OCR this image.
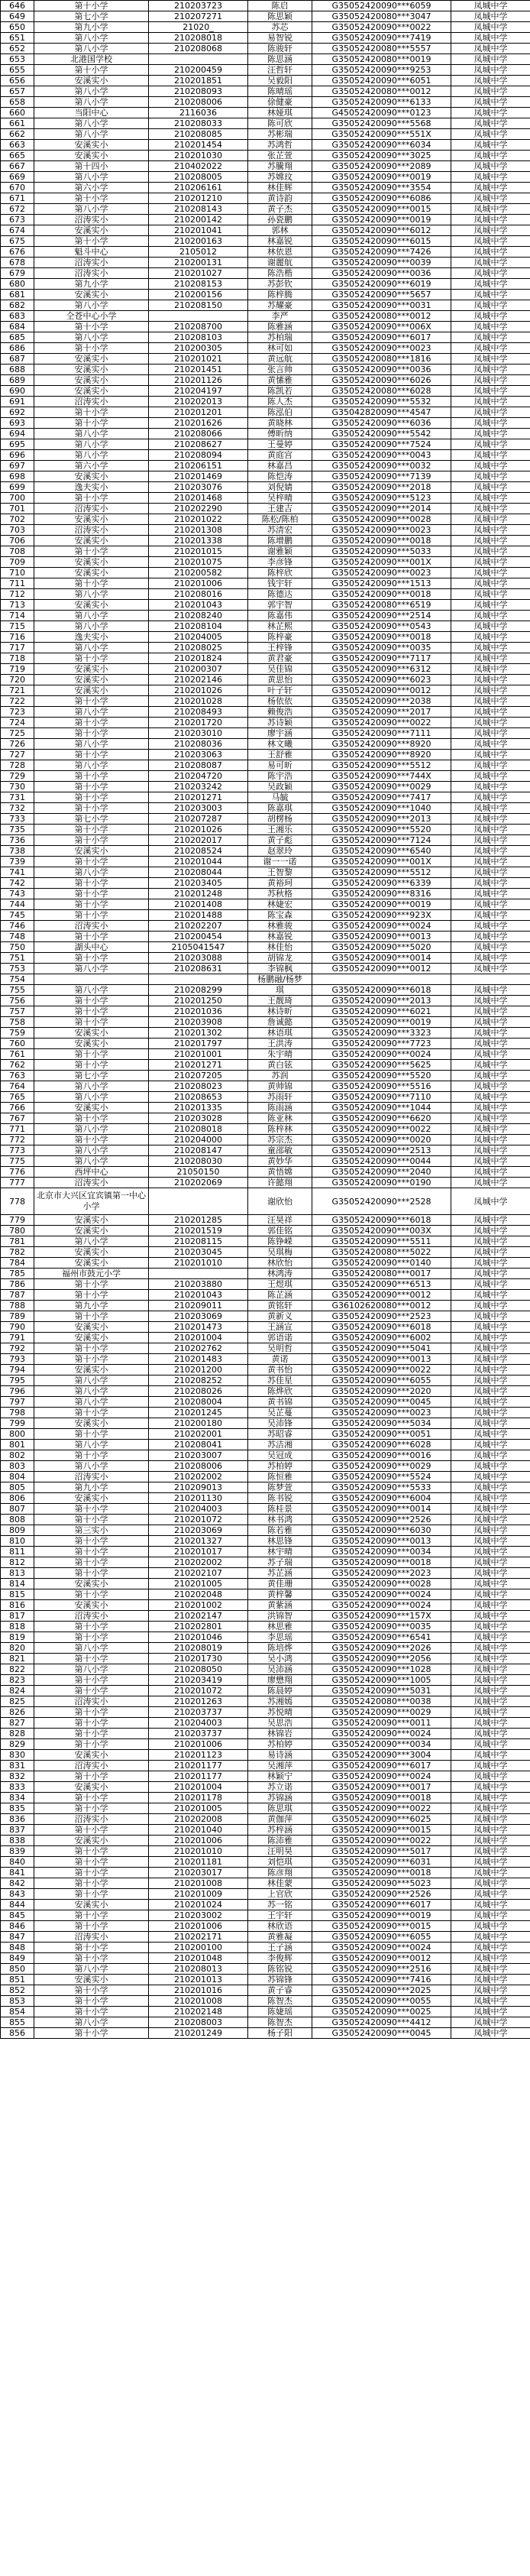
646	第十小学	210203723	陈启	G35052420090***6059	凤城中学
649	第七小学	210207271	陈思颖	G35052420080***3047	凤城中学
650	第九小学	21020_	苏芯	G35052420090***0022	凤城中学
651	第八小学	210208018	易智锐	G35052420090***7419	凤城中学
652	第八小学	210208068	陈骏轩	G35052420080***5557	凤城中学
653	北港国学校		陈思涵	G35052420080***0019	凤城中学
655	第十小学	210200459	汪哲轩	G35052420090***9253	凤城中学
656	安溪实小	210201851	吴毅阳	G35052420090***6051	凤城中学
657	第八小学	210208093	陈晴瑶	G35052420080***0012	凤城中学
658	第八小学	210208006	俆健豪	G35052420090***6133	凤城中学
660	当阳中心	2116036	林娅琪	G45052420090***0123	凤城中学
661	第八小学	210208033	陈可欣	G35052420090***5568	凤城中学
662	第八小学	210208085	苏彬瑞	G35052420090***551X	凤城中学
663	安溪实小	210201454	苏鸿哲	G35052420090***6034	凤城中学
665	安溪实小	210201030	张芷萱	G35052420090***3025	凤城中学
667	第十四小	210402022	苏騰翔	G35052420090***2089	凤城中学
669	第八小学	210208005	苏嫦玟	G35052420090***0019	凤城中学
670	第六小学	210206161	林佳辉	G35052420090***3554	凤城中学
671	第十小学	210201210	黄诗韵	G35052420090***6086	凤城中学
672	第八小学	210208143	黄子杰	G35052420090***0015	凤城中学
673	沼涛实小	210200142	孙瓷鹏	G35052420090***0019	凤城中学
674	安溪实小	210201041	郭林	G35052420090***6012	凤城中学
675	第十小学	210200163	林嘉锐	G35052420090***6015	凤城中学
676	魁斗中心	2105012	林依恩	G35052420090***7426	凤城中学
678	沼涛实小	210200131	谢麗航	G35052420090***0039	凤城中学
679	沼涛实小	210201027	陈浩楷	G35052420090***0036	凤城中学
680	第九小学	210208153	苏彭钦	G35052420090***6019	凤城中学
681	安溪实小	210200156	陈梓腾	G35052420090***5657	凤城中学
682	第八小学	210208150	苏耀豪	G35052420090***0031	凤城中学
683	仝苍中心小学		李严	G35052420080***0012	凤城中学
684	第十小学	210208700	陈雅涵	G35052420090***006X	凤城中学
685	第八小学	210208103	苏柏瑞	G35052420090***6017	凤城中学
686	第十小学	210200305	林可如	G35052420090***0023	凤城中学
687	安溪实小	210201021	黄远航	G35052420080***1816	凤城中学
688	安溪实小	210201451	张言帅	G35052420090***0036	凤城中学
689	安溪实小	210201126	黄愫雅	G35052420090***6026	凤城中学
690	安溪实小	210204197	陈凯若	G35052420080***6028	凤城中学
691	沼涛实小	210202013	陈人杰	G35052420090***5532	凤城中学
692	第十小学	210201201	陈泓伯	G35042820090***4547	凤城中学
693	第十小学	210201626	黄晓林	G35052420090***6036	凤城中学
694	第八小学	210208066	傅昕纳	G35052420090***5542	凤城中学
695	第八小学	210208627	王曼婷	G35052420090***7524	凤城中学
696	第八小学	210208094	黄庭宫	G35052420090***0043	凤城中学
697	第六小学	210206151	林嘉昌	G35052420090***0032	凤城中学
698	安溪实小	210201469	陈恺涛	G35052420090***7139	凤城中学
699	逸夫实小	210203076	刘倪婧	G35052420090***2018	凤城中学
700	第十小学	210201468	吴梓晴	G35052420090***5123	凤城中学
701	沼涛实小	210202290	王建吉	G35052420090***2014	凤城中学
702	安溪实小	210201022	陈松/陈柏	G35052420090***0028	凤城中学
703	沼涛实小	210201308	苏清宏	G35052420090***0023	凤城中学
706	安溪实小	210201338	陈增鹏	G35052420090***0018	凤城中学
708	第十小学	210201015	谢雅颖	G35052420090***5033	凤城中学
709	安溪实小	210201075	李彦锋	G35052420090***001X	凤城中学
710	安溪实小	210200582	陈梓欣	G35052420090***0023	凤城中学
711	第十小学	210201006	钱宇轩	G35052420090***1513	凤城中学
712	第八小学	210208016	陈德达	G35052420090***0018	凤城中学
713	安溪实小	210201043	郭宇智	G35052420080***6519	凤城中学
714	第八小学	210208240	陈嘉伟	G35052420090***2514	凤城中学
715	第八小学	210208104	林芷熙	G35052420090***0543	凤城中学
716	逸夫实小	210204005	陈梓豪	G35052420090***0018	凤城中学
717	第八小学	210208025	王梓锋	G35052420090***0035	凤城中学
718	第十小学	210201824	黄君豪	G35052420090***7117	凤城中学
719	安溪实小	210200307	吴佳锦	G35052420090***6312	凤城中学
720	安溪实小	210202146	黄思怡	G35052420090***6023	凤城中学
721	安溪实小	210201026	叶子轩	G35052420090***0012	凤城中学
722	第十小学	210201028	杨依依	G35052420090***2038	凤城中学
723	第八小学	210208493	赖俊浩	G35052420090***2017	凤城中学
724	第十小学	210201720	苏诗颖	G35052420090***0022	凤城中学
725	第十小学	210203010	廖宇涵	G35052420090***7111	凤城中学
726	第八小学	210208036	林文曦	G35052420090***8920	凤城中学
727	第十小学	210203063	王舒雅	G35052420090***8920	凤城中学
728	第八小学	210208087	易可昕	G35052420090***5512	凤城中学
729	第十小学	210204720	陈宇浩	G35052420090***744X	凤城中学
730	第十小学	210203242	吴政颖	G35052420090***0029	凤城中学
731	第十小学	210201271	马毓	G35052420090***7417	凤城中学
732	第十小学	210203003	陈嘉琪	G35052420090***1040	凤城中学
733	第七小学	210207287	胡楞杨	G35052420090***2013	凤城中学
735	第十小学	210201026	王湘乐	G35052420090***5520	凤城中学
736	第十小学	210202017	黄子彪	G35052420090***7124	凤城中学
738	安溪实小	210208524	赵翠玲	G35052420090***6540	凤城中学
739	第十小学	210201044	谢一一诺	G35052420090***001X	凤城中学
741	第八小学	210208044	王智黎	G35052420090***5512	凤城中学
742	第十小学	210203405	黄裕珂	G35052420090***6339	凤城中学
743	第十小学	210201248	苏秋格	G35052420090***8316	凤城中学
744	第十小学	210201408	林婕宏	G35052420090***0019	凤城中学
745	第十小学	210201488	陈宝森	G35052420090***923X	凤城中学
746	沼涛实小	210202207	林雅骏	G35052420090***0024	凤城中学
748	第十小学	210200454	林嘉锐	G35052420090***0013	凤城中学
750	湖头中心	2105041547	林佳怡	G35052420090***5020	凤城中学
751	第十小学	210203088	胡锦龙	G35052420090***0014	凤城中学
753	第八小学	210208631	李锦枫	G35052420090***0012	凤城中学
754			杨鹏融/杨梦		
755	第八小学	210208299	琪	G35052420090***6018	凤城中学
756	第十小学	210201250	王靓琦	G35052420090***2013	凤城中学
757	第十小学	210201036	林诗昕	G35052420090***6021	凤城中学
758	第十小学	210203908	詹诚懿	G35052420090***0019	凤城中学
759	安溪实小	210201302	林语琪	G35052420090***3323	凤城中学
760	安溪实小	210201797	王洪涛	G35052420090***7723	凤城中学
761	第十小学	210201001	朱宇晴	G35052420090***0024	凤城中学
762	第十小学	210201271	黄白铉	G35052420090***5625	凤城中学
763	第七小学	210207205	苏润	G35052420090***5520	凤城中学
764	第八小学	210208023	黄帅锦	G35052420090***5516	凤城中学
765	第八小学	210208653	苏雨轩	G35052420090***7110	凤城中学
766	安溪实小	210201335	陈雨涵	G35052420090***1044	凤城中学
767	第十小学	210203028	陈亚林	G35052420090***6620	凤城中学
771	第八小学	210208018	陈梓林	G35052420090***0022	凤城中学
772	第十小学	210204000	苏宗杰	G35052420090***0020	凤城中学
773	第八小学	210208147	童邵敏	G35052420090***2513	凤城中学
775	第八小学	210208030	黄妙华	G35052420090***0044	凤城中学
776	西坪中心	21050150	黄悟嫦	G35052420090***2040	凤城中学
777	沼涛实小	210202069	许懿翔	G35052420090***0190	凤城中学
778	北京市大兴区宜宾镇第一中心小学		谢欣怡	G35052420090***2528	凤城中学
779	安溪实小	210201285	汪昊祥	G35052420090***6018	凤城中学
780	安溪实小	210201519	郭佳铭	G35052420090***003X	凤城中学
781	第八小学	210208115	陈铮嵘	G35052420090***5511	凤城中学
782	安溪实小	210203045	吴琪梅	G35052420080***5022	凤城中学
784	安溪实小	210201010	林欣怡	G35052420090***0140	凤城中学
785	福州市鼓元小学		林鸿涛	G35052420080***0017	凤城中学
786	第十小学	210203880	王煜琪	G35052420090***6513	凤城中学
787	第十小学	210201043	陈芷涵	G35052420090***0012	凤城中学
788	第九小学	210209011	黄铭轩	G36102620080***0012	凤城中学
789	第十小学	210203069	黄新义	G35052420090***2523	凤城中学
790	安溪实小	210201473	王涵宣	G35052420090***6018	凤城中学
791	安溪实小	210201004	郭语诺	G35052420090***6002	凤城中学
792	第十小学	210202762	吴明哲	G35052420090***5041	凤城中学
793	第十小学	210201483	黄诺	G35052420090***0013	凤城中学
794	安溪实小	210201200	黄书怡	G35052420090***0022	凤城中学
795	第八小学	210208252	苏佳星	G35052420090***6055	凤城中学
796	第八小学	210208026	陈烨欣	G35052420090***2020	凤城中学
797	第八小学	210208004	黄书锦	G35052420090***0045	凤城中学
798	第十小学	210201245	吴芷蔓	G35052420090***0023	凤城中学
799	安溪实小	210200180	吴沛锋	G35052420090***5034	凤城中学
800	第十小学	210202001	苏昭睿	G35052420090***0051	凤城中学
801	第八小学	210208041	苏洁湘	G35052420090***6028	凤城中学
802	第十小学	210203007	吴冠成	G35052420090***0016	凤城中学
803	第八小学	210208006	苏柏婷	G35052420090***0029	凤城中学
804	沼涛实小	210202002	陈恒雅	G35052420090***5524	凤城中学
805	第九小学	210209013	陈梦萱	G35052420090***5533	凤城中学
806	安溪实小	210201130	陈书锐	G35052420090***6004	凤城中学
807	第十小学	210204003	陈桂景	G35052420090***0014	凤城中学
808	第十小学	210201072	林书鸿	G35052420090***2526	凤城中学
809	第三实小	210203069	陈若雅	G35052420090***6030	凤城中学
810	第十小学	210201327	林思锋	G35052420090***0013	凤城中学
811	第十小学	210201017	林宇晴	G35052420090***0034	凤城中学
812	第十小学	210202002	苏子瑞	G35052420090***0018	凤城中学
813	第十小学	210202107	苏芷涵	G35052420090***2023	凤城中学
814	安溪实小	210201005	黄佳珊	G35052420090***0028	凤城中学
815	第十小学	210202048	黄梓馨	G35052420090***0024	凤城中学
816	安溪实小	210201002	黄紫涵	G35052420090***0024	凤城中学
817	沼涛实小	210202147	洪锦智	G35052420090***157X	凤城中学
818	第十小学	210202801	林思雅	G35052420090***0035	凤城中学
819	第十小学	210201046	李思瑶	G35052420090***6541	凤城中学
820	第八小学	210208019	陈培烨	G35052420090***2026	凤城中学
821	第十小学	210201730	吴小鸿	G35052420090***2056	凤城中学
822	第八小学	210208050	吴沛涵	G35052420090***1028	凤城中学
823	第十小学	210203419	廖懋翔	G35052420090***1005	凤城中学
824	第十小学	210201072	陈晨婷	G35052420090***5031	凤城中学
825	沼涛实小	210201263	苏湘嫣	G35052420080***0038	凤城中学
826	第十小学	210203737	苏悦晴	G35052420090***0029	凤城中学
827	第十小学	210204003	吴思浩	G35052420090***0011	凤城中学
828	第十小学	210203737	林锦岩	G35052420090***0024	凤城中学
829	第十小学	210201006	苏柏婷	G35052420090***0034	凤城中学
830	安溪实小	210201123	易诗涵	G35052420090***3004	凤城中学
831	沼涛实小	210201177	吴湘萍	G35052420090***6017	凤城中学
832	第十小学	210201177	林颖宁	G35052420090***0024	凤城中学
833	安溪实小	210201004	苏立诺	G35052420090***0017	凤城中学
834	第十小学	210201178	苏锦涵	G35052420090***0018	凤城中学
835	第十小学	210201005	陈思琪	G35052420090***0022	凤城中学
836	沼涛实小	210202008	黄伽萍	G35052420090***6025	凤城中学
837	第十小学	210201040	苏梓涵	G35052420090***0015	凤城中学
838	安溪实小	210201006	陈沛雅	G35052420090***0022	凤城中学
839	第十小学	210201010	汪明昊	G35052420090***5017	凤城中学
840	第十小学	210201181	刘恺琪	G35052420090***6031	凤城中学
841	第十小学	210203017	陈彦翔	G35052420090***0018	凤城中学
842	第十小学	210201008	林佳蒙	G35052420090***5023	凤城中学
843	第十小学	210201009	上官欣	G35052420090***2526	凤城中学
844	安溪实小	210201024	苏一铭	G35052420090***6017	凤城中学
845	第十小学	210203002	王宇轩	G35052420090***0019	凤城中学
846	第十小学	210201006	林欣语	G35052420090***0015	凤城中学
847	沼涛实小	210202171	黄雅凝	G35052420090***6055	凤城中学
848	第十小学	210200100	王子涵	G35052420090***0024	凤城中学
849	第十小学	210201048	李俊辉	G35052420090***0012	凤城中学
850	第八小学	210208013	陈铭锐	G35052420090***2516	凤城中学
851	安溪实小	210201013	苏锦锋	G35052420090***7416	凤城中学
852	第十小学	210201016	黄子睿	G35052420090***2025	凤城中学
853	第十小学	210201008	陈智杰	G35052420090***0055	凤城中学
854	第十小学	210202148	陈婕瑶	G35052420090***0025	凤城中学
855	第八小学	210208003	陈智杰	G35052420090***4412	凤城中学
856	第十小学	210201249	杨子阳	G35052420090***0045	凤城中学
